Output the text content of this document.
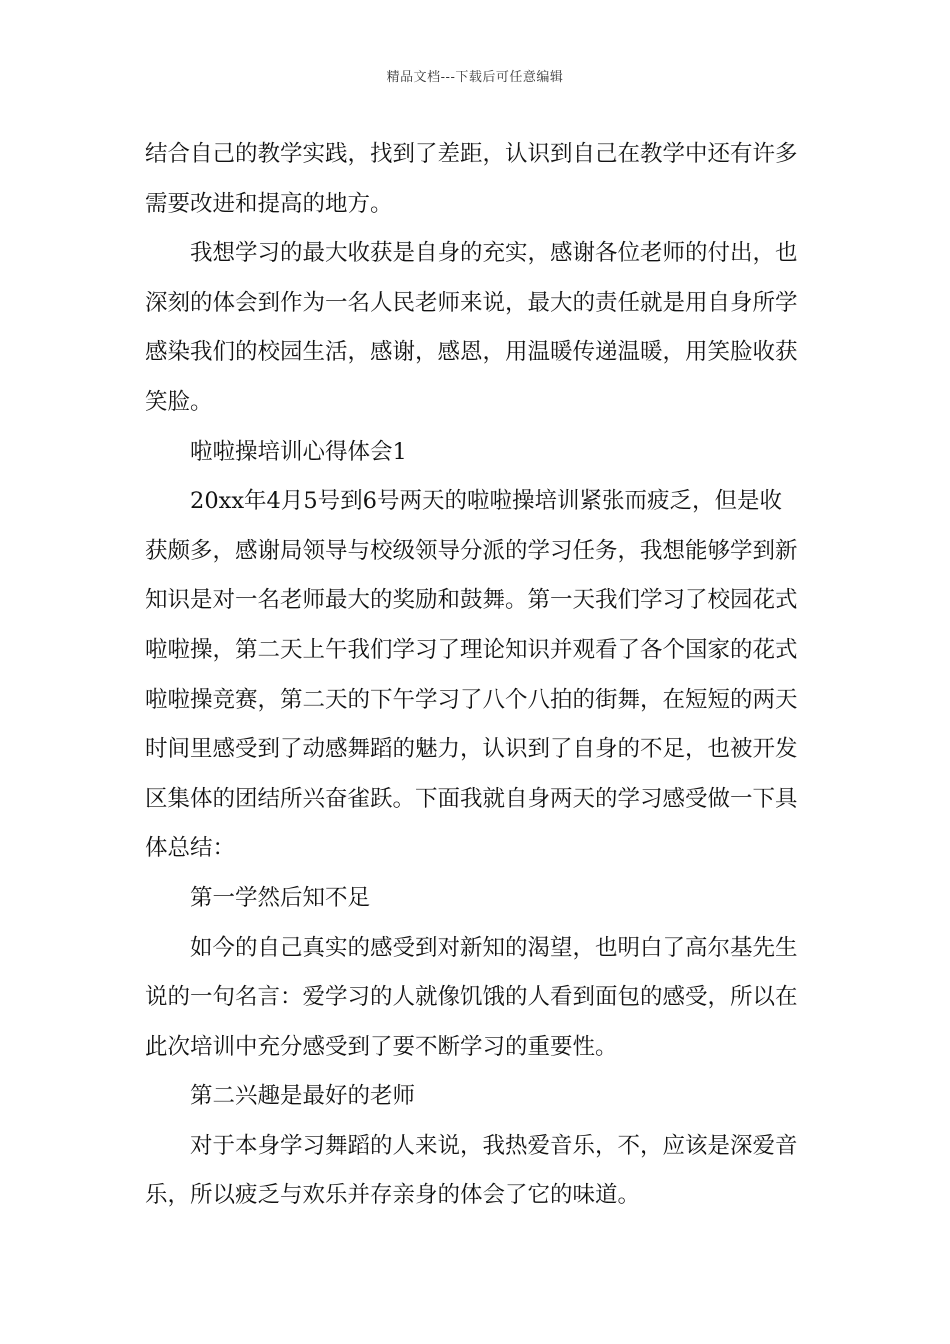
精品文档---下载后可任意编辑
结合自己的教学实践，找到了差距，认识到自己在教学中还有许多
需要改进和提高的地方。
我想学习的最大收获是自身的充实，感谢各位老师的付出，也
深刻的体会到作为一名人民老师来说，最大的责任就是用自身所学
感染我们的校园生活，感谢，感恩，用温暖传递温暖，用笑脸收获
笑脸。
啦啦操培训心得体会1
20xx年4月5号到6号两天的啦啦操培训紧张而疲乏，但是收
获颇多，感谢局领导与校级领导分派的学习任务，我想能够学到新
知识是对一名老师最大的奖励和鼓舞。第一天我们学习了校园花式
啦啦操，第二天上午我们学习了理论知识并观看了各个国家的花式
啦啦操竞赛，第二天的下午学习了八个八拍的街舞，在短短的两天
时间里感受到了动感舞蹈的魅力，认识到了自身的不足，也被开发
区集体的团结所兴奋雀跃。下面我就自身两天的学习感受做一下具
体总结：
第一学然后知不足
如今的自己真实的感受到对新知的渴望，也明白了高尔基先生
说的一句名言：爱学习的人就像饥饿的人看到面包的感受，所以在
此次培训中充分感受到了要不断学习的重要性。
第二兴趣是最好的老师
对于本身学习舞蹈的人来说，我热爱音乐，不，应该是深爱音
乐，所以疲乏与欢乐并存亲身的体会了它的味道。
